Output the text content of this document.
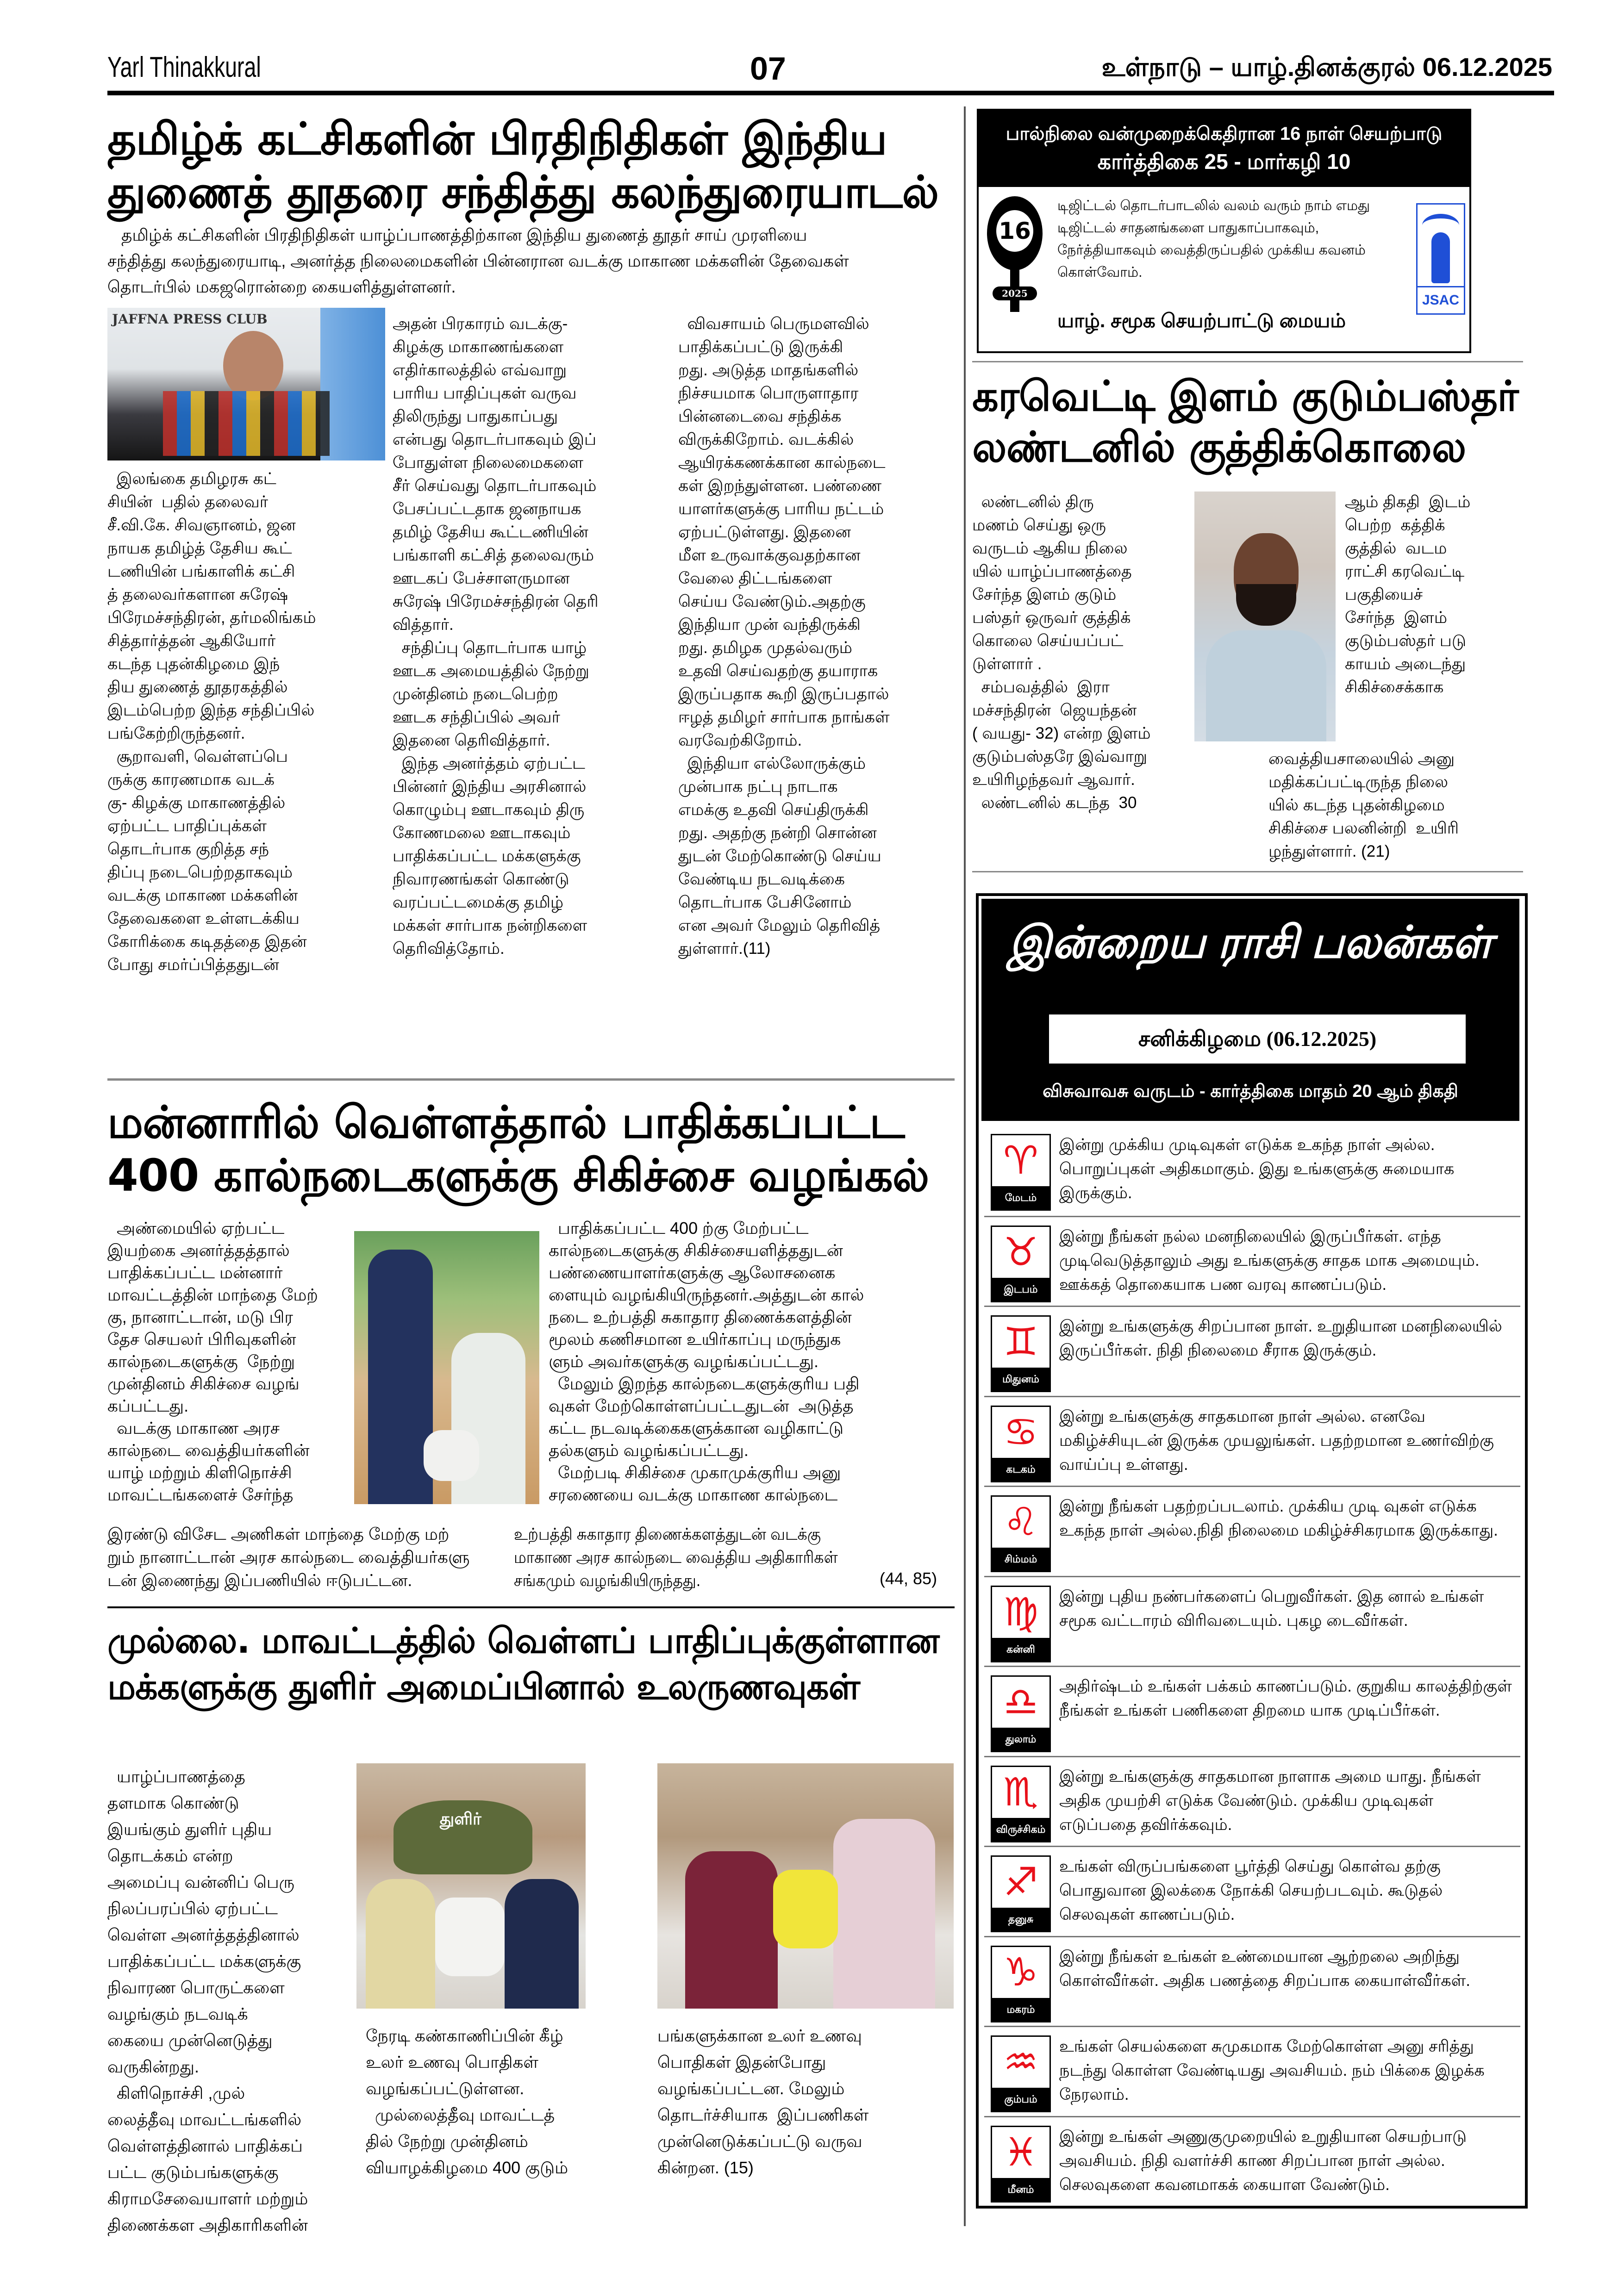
Yarl Thinakkural	07	உள்நாடு – யாழ்.தினக்குரல் 06.12.2025
தமிழ்க் கட்சிகளின் பிரதிநிதிகள் இந்திய
துணைத் தூதரை சந்தித்து கலந்துரையாடல்
தமிழ்க் கட்சிகளின் பிரதிநிதிகள் யாழ்ப்பாணத்திற்கான இந்திய துணைத் தூதர் சாய் முரளியை சந்தித்து கலந்துரையாடி, அனர்த்த நிலைமைகளின் பின்னரான வடக்கு மாகாண மக்களின் தேவைகள் தொடர்பில் மகஜரொன்றை கையளித்துள்ளனர்.
JAFFNA PRESS CLUB
இலங்கை தமிழரசு கட்
சியின்  பதில் தலைவர்
சீ.வி.கே. சிவஞானம், ஜன
நாயக தமிழ்த் தேசிய கூட்
டணியின் பங்காளிக் கட்சி
த் தலைவர்களான சுரேஷ்
பிரேமச்சந்திரன், தர்மலிங்கம்
சித்தார்த்தன் ஆகியோர்
கடந்த புதன்கிழமை இந்
திய துணைத் தூதரகத்தில்
இடம்பெற்ற இந்த சந்திப்பில்
பங்கேற்றிருந்தனர்.
சூறாவளி, வெள்ளப்பெ
ருக்கு காரணமாக வடக்
கு- கிழக்கு மாகாணத்தில்
ஏற்பட்ட பாதிப்புக்கள்
தொடர்பாக குறித்த சந்
திப்பு நடைபெற்றதாகவும்
வடக்கு மாகாண மக்களின்
தேவைகளை உள்ளடக்கிய
கோரிக்கை கடிதத்தை இதன்
போது சமர்ப்பித்ததுடன்
அதன் பிரகாரம் வடக்கு-
கிழக்கு மாகாணங்களை
எதிர்காலத்தில் எவ்வாறு
பாரிய பாதிப்புகள் வருவ
திலிருந்து பாதுகாப்பது
என்பது தொடர்பாகவும் இப்
போதுள்ள நிலைமைகளை
சீர் செய்வது தொடர்பாகவும்
பேசப்பட்டதாக ஜனநாயக
தமிழ் தேசிய கூட்டணியின்
பங்காளி கட்சித் தலைவரும்
ஊடகப் பேச்சாளருமான
சுரேஷ் பிரேமச்சந்திரன் தெரி
வித்தார்.
சந்திப்பு தொடர்பாக யாழ்
ஊடக அமையத்தில் நேற்று
முன்தினம் நடைபெற்ற
ஊடக சந்திப்பில் அவர்
இதனை தெரிவித்தார்.
இந்த அனர்த்தம் ஏற்பட்ட
பின்னர் இந்திய அரசினால்
கொழும்பு ஊடாகவும் திரு
கோணமலை ஊடாகவும்
பாதிக்கப்பட்ட மக்களுக்கு
நிவாரணங்கள் கொண்டு
வரப்பட்டமைக்கு தமிழ்
மக்கள் சார்பாக நன்றிகளை
தெரிவித்தோம்.
விவசாயம் பெருமளவில்
பாதிக்கப்பட்டு இருக்கி
றது. அடுத்த மாதங்களில்
நிச்சயமாக பொருளாதார
பின்னடைவை சந்திக்க
விருக்கிறோம். வடக்கில்
ஆயிரக்கணக்கான கால்நடை
கள் இறந்துள்ளன. பண்ணை
யாளர்களுக்கு பாரிய நட்டம்
ஏற்பட்டுள்ளது. இதனை
மீள உருவாக்குவதற்கான
வேலை திட்டங்களை
செய்ய வேண்டும்.அதற்கு
இந்தியா முன் வந்திருக்கி
றது. தமிழக முதல்வரும்
உதவி செய்வதற்கு தயாராக
இருப்பதாக கூறி இருப்பதால்
ஈழத் தமிழர் சார்பாக நாங்கள்
வரவேற்கிறோம்.
இந்தியா எல்லோருக்கும்
முன்பாக நட்பு நாடாக
எமக்கு உதவி செய்திருக்கி
றது. அதற்கு நன்றி சொன்ன
துடன் மேற்கொண்டு செய்ய
வேண்டிய நடவடிக்கை
தொடர்பாக பேசினோம்
என அவர் மேலும் தெரிவித்
துள்ளார்.(11)
பால்நிலை வன்முறைக்கெதிரான 16 நாள் செயற்பாடு
கார்த்திகை 25 - மார்கழி 10
16
2025
டிஜிட்டல் தொடர்பாடலில் வலம் வரும் நாம் எமது டிஜிட்டல் சாதனங்களை பாதுகாப்பாகவும், நேர்த்தியாகவும் வைத்திருப்பதில் முக்கிய கவனம் கொள்வோம்.
யாழ். சமூக செயற்பாட்டு மையம்
JSAC
கரவெட்டி இளம் குடும்பஸ்தர்
லண்டனில் குத்திக்கொலை
லண்டனில் திரு
மணம் செய்து ஒரு
வருடம் ஆகிய நிலை
யில் யாழ்ப்பாணத்தை
சேர்ந்த இளம் குடும்
பஸ்தர் ஒருவர் குத்திக்
கொலை செய்யப்பட்
டுள்ளார் .
சம்பவத்தில்  இரா
மச்சந்திரன்  ஜெயந்தன்
( வயது- 32) என்ற இளம்
குடும்பஸ்தரே இவ்வாறு
உயிரிழந்தவர் ஆவார்.
லண்டனில் கடந்த  30
ஆம் திகதி  இடம்
பெற்ற  கத்திக்
குத்தில்  வடம
ராட்சி கரவெட்டி
பகுதியைச்
சேர்ந்த  இளம்
குடும்பஸ்தர் படு
காயம் அடைந்து
சிகிச்சைக்காக
வைத்தியசாலையில் அனு
மதிக்கப்பட்டிருந்த நிலை
யில் கடந்த புதன்கிழமை
சிகிச்சை பலனின்றி  உயிரி
ழந்துள்ளார். (21)
இன்றைய ராசி பலன்கள்
சனிக்கிழமை (06.12.2025)
விசுவாவசு வருடம் - கார்த்திகை மாதம் 20 ஆம் திகதி
♈
மேடம்
இன்று முக்கிய முடிவுகள் எடுக்க உகந்த நாள் அல்ல. பொறுப்புகள் அதிகமாகும். இது உங்களுக்கு சுமையாக இருக்கும்.
♉
இடபம்
இன்று நீங்கள் நல்ல மனநிலையில் இருப்பீர்கள். எந்த முடிவெடுத்தாலும் அது உங்களுக்கு சாதக மாக அமையும். ஊக்கத் தொகையாக பண வரவு காணப்படும்.
♊
மிதுனம்
இன்று உங்களுக்கு சிறப்பான நாள். உறுதியான மனநிலையில் இருப்பீர்கள். நிதி நிலைமை சீராக இருக்கும்.
♋
கடகம்
இன்று உங்களுக்கு சாதகமான நாள் அல்ல. எனவே மகிழ்ச்சியுடன் இருக்க முயலுங்கள். பதற்றமான உணர்விற்கு வாய்ப்பு உள்ளது.
♌
சிம்மம்
இன்று நீங்கள் பதற்றப்படலாம். முக்கிய முடி வுகள் எடுக்க உகந்த நாள் அல்ல.நிதி நிலைமை மகிழ்ச்சிகரமாக இருக்காது.
♍
கன்னி
இன்று புதிய நண்பர்களைப் பெறுவீர்கள். இத னால் உங்கள் சமூக வட்டாரம் விரிவடையும். புகழ டைவீர்கள்.
♎
துலாம்
அதிர்ஷ்டம் உங்கள் பக்கம் காணப்படும். குறுகிய காலத்திற்குள் நீங்கள் உங்கள் பணிகளை திறமை யாக முடிப்பீர்கள்.
♏
விருச்சிகம்
இன்று உங்களுக்கு சாதகமான நாளாக அமை யாது. நீங்கள் அதிக முயற்சி எடுக்க வேண்டும். முக்கிய முடிவுகள் எடுப்பதை தவிர்க்கவும்.
♐
தனுசு
உங்கள் விருப்பங்களை பூர்த்தி செய்து கொள்வ தற்கு பொதுவான இலக்கை நோக்கி செயற்படவும். கூடுதல் செலவுகள் காணப்படும்.
♑
மகரம்
இன்று நீங்கள் உங்கள் உண்மையான ஆற்றலை அறிந்து கொள்வீர்கள். அதிக பணத்தை சிறப்பாக கையாள்வீர்கள்.
♒
கும்பம்
உங்கள் செயல்களை சுமுகமாக மேற்கொள்ள அனு சரித்து நடந்து கொள்ள வேண்டியது அவசியம். நம் பிக்கை இழக்க நேரலாம்.
♓
மீனம்
இன்று உங்கள் அணுகுமுறையில் உறுதியான செயற்பாடு அவசியம். நிதி வளர்ச்சி காண சிறப்பான நாள் அல்ல. செலவுகளை கவனமாகக் கையாள வேண்டும்.
மன்னாரில் வெள்ளத்தால் பாதிக்கப்பட்ட
400 கால்நடைகளுக்கு சிகிச்சை வழங்கல்
அண்மையில் ஏற்பட்ட
இயற்கை அனர்த்தத்தால்
பாதிக்கப்பட்ட மன்னார்
மாவட்டத்தின் மாந்தை மேற்
கு, நானாட்டான், மடு பிர
தேச செயலர் பிரிவுகளின்
கால்நடைகளுக்கு  நேற்று
முன்தினம் சிகிச்சை வழங்
கப்பட்டது.
வடக்கு மாகாண அரச
கால்நடை வைத்தியர்களின்
யாழ் மற்றும் கிளிநொச்சி
மாவட்டங்களைச் சேர்ந்த
பாதிக்கப்பட்ட 400 ற்கு மேற்பட்ட
கால்நடைகளுக்கு சிகிச்சையளித்ததுடன்
பண்ணையாளர்களுக்கு ஆலோசனைக
ளையும் வழங்கியிருந்தனர்.அத்துடன் கால்
நடை உற்பத்தி சுகாதார திணைக்களத்தின்
மூலம் கணிசமான உயிர்காப்பு மருந்துக
ளும் அவர்களுக்கு வழங்கப்பட்டது.
மேலும் இறந்த கால்நடைகளுக்குரிய பதி
வுகள் மேற்கொள்ளப்பட்டதுடன்  அடுத்த
கட்ட நடவடிக்கைகளுக்கான வழிகாட்டு
தல்களும் வழங்கப்பட்டது.
மேற்படி சிகிச்சை முகாமுக்குரிய அனு
சரணையை வடக்கு மாகாண கால்நடை
இரண்டு விசேட அணிகள் மாந்தை மேற்கு மற்
றும் நானாட்டான் அரச கால்நடை வைத்தியர்களு
டன் இணைந்து இப்பணியில் ஈடுபட்டன.
உற்பத்தி சுகாதார திணைக்களத்துடன் வடக்கு
மாகாண அரச கால்நடை வைத்திய அதிகாரிகள்
சங்கமும் வழங்கியிருந்தது.	(44, 85)
முல்லை. மாவட்டத்தில் வெள்ளப் பாதிப்புக்குள்ளான
மக்களுக்கு துளிர் அமைப்பினால் உலருணவுகள்
யாழ்ப்பாணத்தை
தளமாக கொண்டு
இயங்கும் துளிர் புதிய
தொடக்கம் என்ற
அமைப்பு வன்னிப் பெரு
நிலப்பரப்பில் ஏற்பட்ட
வெள்ள அனர்த்தத்தினால்
பாதிக்கப்பட்ட மக்களுக்கு
நிவாரண பொருட்களை
வழங்கும் நடவடிக்
கையை முன்னெடுத்து
வருகின்றது.
கிளிநொச்சி ,முல்
லைத்தீவு மாவட்டங்களில்
வெள்ளத்தினால் பாதிக்கப்
பட்ட குடும்பங்களுக்கு
கிராமசேவையாளர் மற்றும்
திணைக்கள அதிகாரிகளின்
துளிர்
நேரடி கண்காணிப்பின் கீழ்
உலர் உணவு பொதிகள்
வழங்கப்பட்டுள்ளன.
முல்லைத்தீவு மாவட்டத்
தில் நேற்று முன்தினம்
வியாழக்கிழமை 400 குடும்
பங்களுக்கான உலர் உணவு
பொதிகள் இதன்போது
வழங்கப்பட்டன. மேலும்
தொடர்ச்சியாக  இப்பணிகள்
முன்னெடுக்கப்பட்டு வருவ
கின்றன. (15)
